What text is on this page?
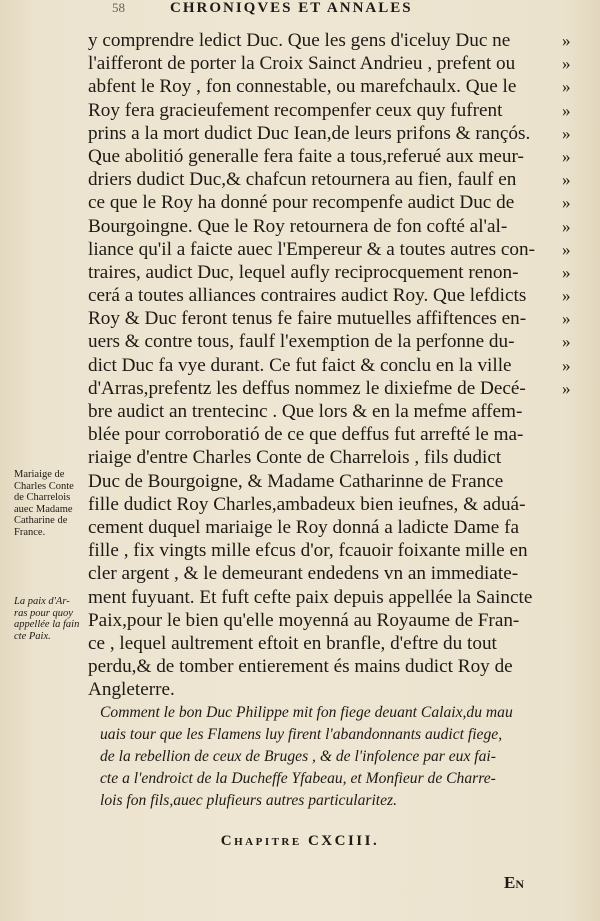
58	CHRONIQVES ET ANNALES
y comprendre ledict Duc. Que les gens d'iceluy Duc ne
l'aifferont de porter la Croix Sainct Andrieu , prefent ou
abfent le Roy , fon connestable, ou marefchaulx. Que le
Roy fera gracieufement recompenfer ceux quy fufrent
prins a la mort dudict Duc Iean,de leurs prifons & rançós.
Que abolitió generalle fera faite a tous,referué aux meur-
driers dudict Duc,& chafcun retournera au fien, faulf en
ce que le Roy ha donné pour recompenfe audict Duc de
Bourgoingne. Que le Roy retournera de fon cofté al'al-
liance qu'il a faicte auec l'Empereur & a toutes autres con-
traires, audict Duc, lequel aufly reciprocquement renon-
cerá a toutes alliances contraires audict Roy. Que lefdicts
Roy & Duc feront tenus fe faire mutuelles affiftences en-
uers & contre tous, faulf l'exemption de la perfonne du-
dict Duc fa vye durant. Ce fut faict & conclu en la ville
d'Arras,prefentz les deffus nommez le dixiefme de Decé-
bre audict an trentecinc . Que lors & en la mefme affem-
blée pour corroboratió de ce que deffus fut arrefté le ma-
riaige d'entre Charles Conte de Charrelois , fils dudict
Duc de Bourgoigne, & Madame Catharinne de France
fille dudict Roy Charles,ambadeux bien ieufnes, & aduá-
cement duquel mariaige le Roy donná a ladicte Dame fa
fille , fix vingts mille efcus d'or, fcauoir foixante mille en
cler argent , & le demeurant endedens vn an immediate-
ment fuyuant. Et fuft cefte paix depuis appellée la Saincte
Paix,pour le bien qu'elle moyenná au Royaume de Fran-
ce , lequel aultrement eftoit en branfle, d'eftre du tout
perdu,& de tomber entierement és mains dudict Roy de
Angleterre.
»
»
»
»
»
»
»
»
»
»
»
»
»
»
»
»
Mariaige de
Charles Conte
de Charrelois
auec Madame
Catharine de
France.
La paix d'Ar-
ras pour quoy
appellée la fain
cte Paix.
Comment le bon Duc Philippe mit fon fiege deuant Calaix,du mau
uais tour que les Flamens luy firent l'abandonnants audict fiege,
de la rebellion de ceux de Bruges , & de l'infolence par eux fai-
cte a l'endroict de la Ducheffe Yfabeau, et Monfieur de Charre-
lois fon fils,auec plufieurs autres particularitez.
Chapitre CXCIII.
En
